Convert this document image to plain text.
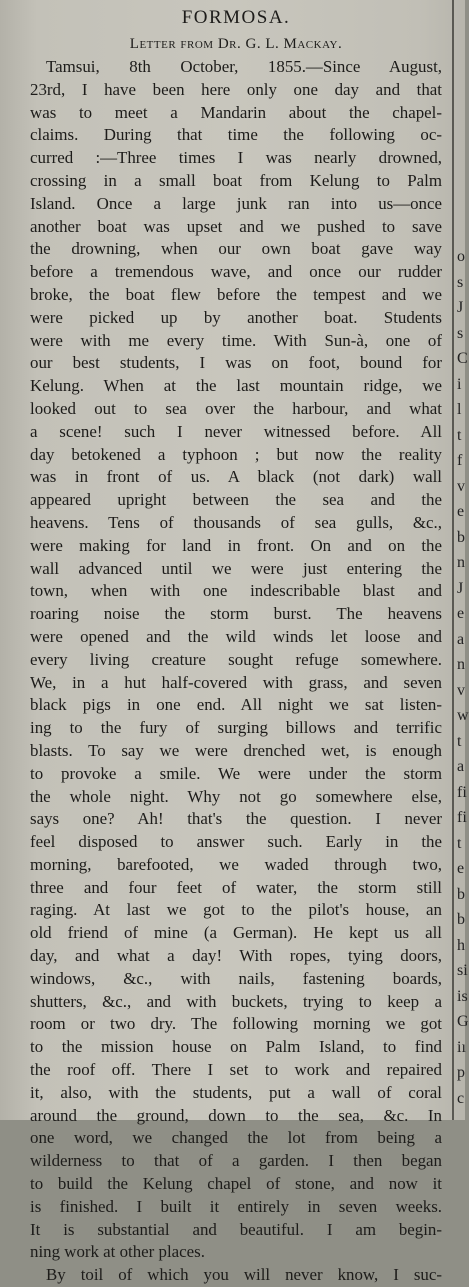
FORMOSA.
Letter from Dr. G. L. Mackay.
Tamsui, 8th October, 1855.—Since August,
23rd, I have been here only one day and that
was to meet a Mandarin about the chapel-
claims. During that time the following oc-
curred :—Three times I was nearly drowned,
crossing in a small boat from Kelung to Palm
Island. Once a large junk ran into us—once
another boat was upset and we pushed to save
the drowning, when our own boat gave way
before a tremendous wave, and once our rudder
broke, the boat flew before the tempest and we
were picked up by another boat. Students
were with me every time. With Sun-à, one of
our best students, I was on foot, bound for
Kelung. When at the last mountain ridge, we
looked out to sea over the harbour, and what
a scene! such I never witnessed before. All
day betokened a typhoon ; but now the reality
was in front of us. A black (not dark) wall
appeared upright between the sea and the
heavens. Tens of thousands of sea gulls, &c.,
were making for land in front. On and on the
wall advanced until we were just entering the
town, when with one indescribable blast and
roaring noise the storm burst. The heavens
were opened and the wild winds let loose and
every living creature sought refuge somewhere.
We, in a hut half-covered with grass, and seven
black pigs in one end. All night we sat listen-
ing to the fury of surging billows and terrific
blasts. To say we were drenched wet, is enough
to provoke a smile. We were under the storm
the whole night. Why not go somewhere else,
says one? Ah! that's the question. I never
feel disposed to answer such. Early in the
morning, barefooted, we waded through two,
three and four feet of water, the storm still
raging. At last we got to the pilot's house, an
old friend of mine (a German). He kept us all
day, and what a day! With ropes, tying doors,
windows, &c., with nails, fastening boards,
shutters, &c., and with buckets, trying to keep a
room or two dry. The following morning we got
to the mission house on Palm Island, to find
the roof off. There I set to work and repaired
it, also, with the students, put a wall of coral
around the ground, down to the sea, &c. In
one word, we changed the lot from being a
wilderness to that of a garden. I then began
to build the Kelung chapel of stone, and now it
is finished. I built it entirely in seven weeks.
It is substantial and beautiful. I am begin-
ning work at other places.
By toil of which you will never know, I suc-
o
s
J
s
C
i
l
t
f
v
e
b
n
J
e
a
n
v
w
t
a
fi
fi
t
e
b
b
h
si
is
G
iı
p
c
